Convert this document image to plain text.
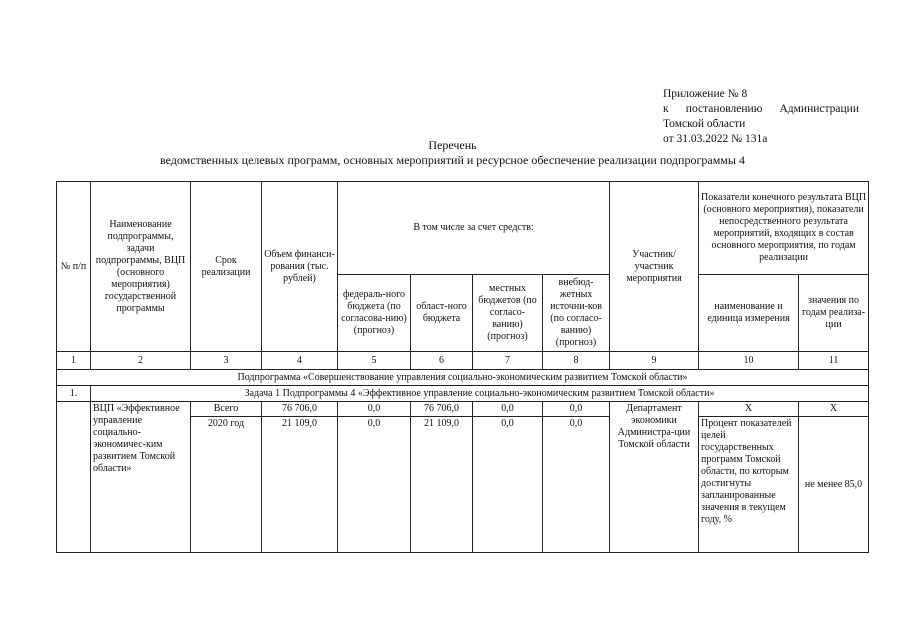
Приложение № 8
к постановлению Администрации
Томской области
от 31.03.2022 № 131а
Перечень
ведомственных целевых программ, основных мероприятий и ресурсное обеспечение реализации подпрограммы 4
№ п/п	Наименование подпрограммы, задачи подпрограммы, ВЦП (основного мероприятия) государственной программы	Срок реализации	Объем финанси-рования (тыс. рублей)	В том числе за счет средств:				Участник/ участник мероприятия	Показатели конечного результата ВЦП (основного мероприятия), показатели непосредственного результата мероприятий, входящих в состав основного мероприятия, по годам реализации	
				федераль-ного бюджета (по согласова-нию) (прогноз)	област-ного бюджета	местных бюджетов (по согласо-ванию) (прогноз)	внебюд-жетных источни-ков (по согласо-ванию) (прогноз)		наименование и единица измерения	значения по годам реализа-ции
1	2	3	4	5	6	7	8	9	10	11
Подпрограмма «Совершенствование управления социально-экономическим развитием Томской области»										
1.	Задача 1 Подпрограммы 4 «Эффективное управление социально-экономическим развитием Томской области»									
	ВЦП «Эффективное управление социально-экономичес-ким развитием Томской области»	Всего	76 706,0	0,0	76 706,0	0,0	0,0	Департамент экономики Администра-ции Томской области	Х	Х
		2020 год	21 109,0	0,0	21 109,0	0,0	0,0		Процент показателей целей государственных программ Томской области, по которым достигнуты запланированные значения в текущем году, %	не менее 85,0
